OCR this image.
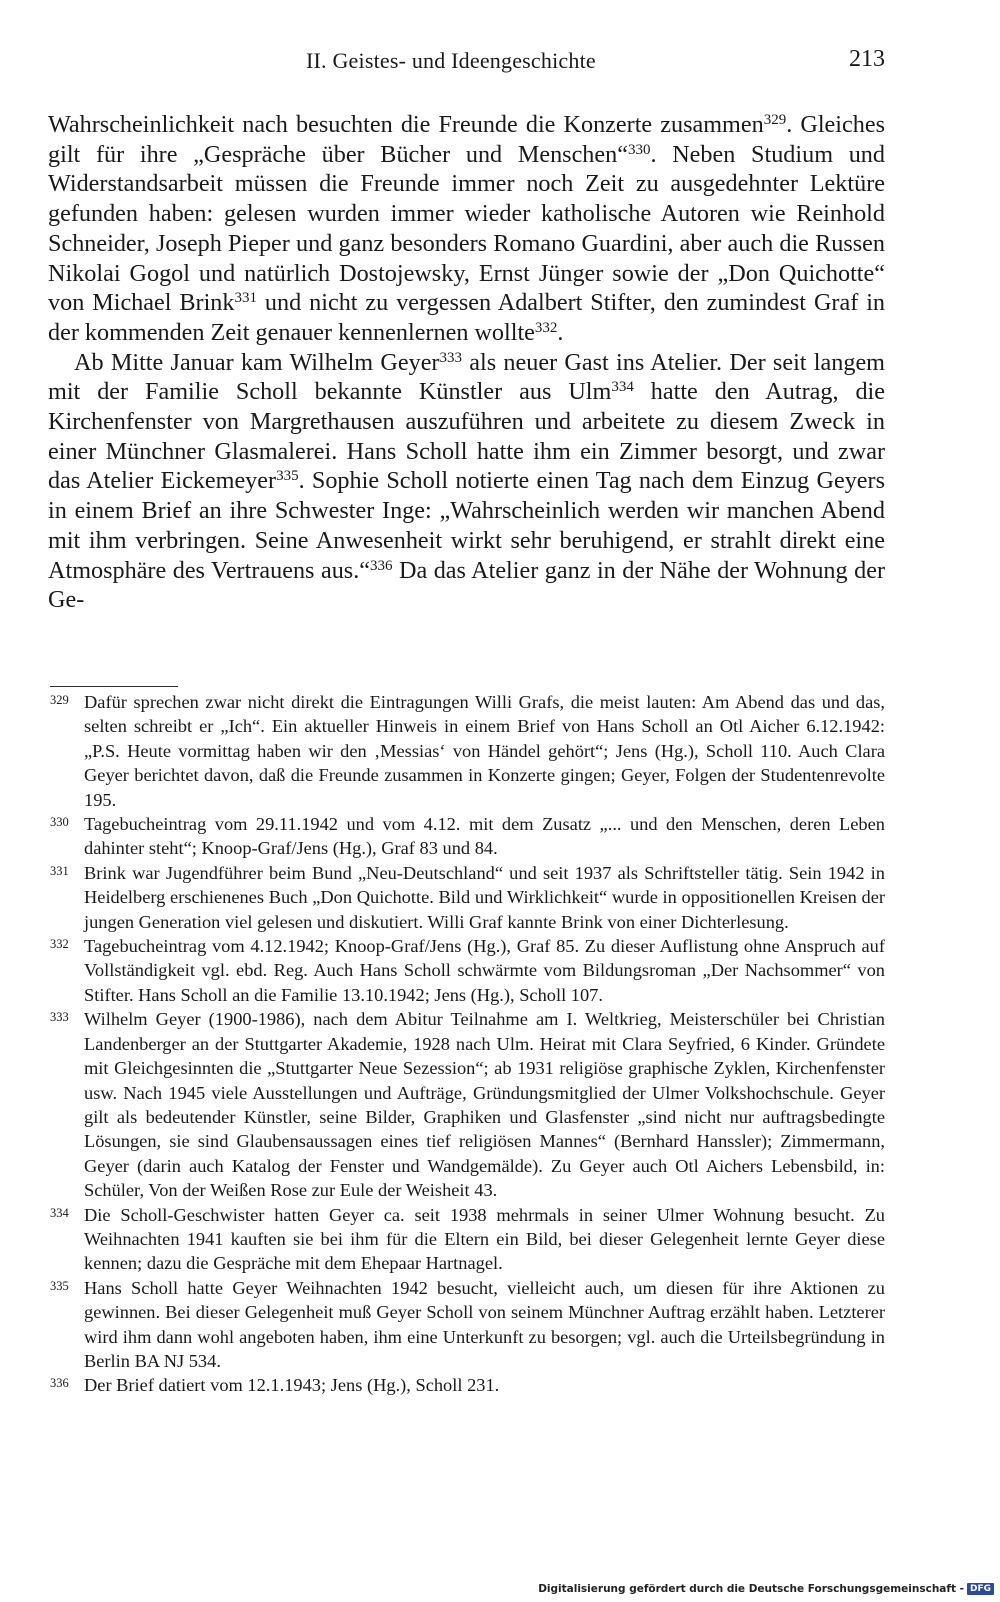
II. Geistes- und Ideengeschichte	213

Wahrscheinlichkeit nach besuchten die Freunde die Konzerte zusammen$^{329}$. Gleiches gilt für ihre „Gespräche über Bücher und Menschen“$^{330}$. Neben Studium und Widerstandsarbeit müssen die Freunde immer noch Zeit zu ausgedehnter Lektüre gefunden haben: gelesen wurden immer wieder katholische Autoren wie Reinhold Schneider, Joseph Pieper und ganz besonders Romano Guardini, aber auch die Russen Nikolai Gogol und natürlich Dostojewsky, Ernst Jünger sowie der „Don Quichotte“ von Michael Brink$^{331}$ und nicht zu vergessen Adalbert Stifter, den zumindest Graf in der kommenden Zeit genauer kennenlernen wollte$^{332}$.

Ab Mitte Januar kam Wilhelm Geyer$^{333}$ als neuer Gast ins Atelier. Der seit langem mit der Familie Scholl bekannte Künstler aus Ulm$^{334}$ hatte den Autrag, die Kirchenfenster von Margrethausen auszuführen und arbeitete zu diesem Zweck in einer Münchner Glasmalerei. Hans Scholl hatte ihm ein Zimmer besorgt, und zwar das Atelier Eickemeyer$^{335}$. Sophie Scholl notierte einen Tag nach dem Einzug Geyers in einem Brief an ihre Schwester Inge: „Wahrscheinlich werden wir manchen Abend mit ihm verbringen. Seine Anwesenheit wirkt sehr beruhigend, er strahlt direkt eine Atmosphäre des Vertrauens aus.“$^{336}$ Da das Atelier ganz in der Nähe der Wohnung der Ge-

329 Dafür sprechen zwar nicht direkt die Eintragungen Willi Grafs, die meist lauten: Am Abend das und das, selten schreibt er „Ich“. Ein aktueller Hinweis in einem Brief von Hans Scholl an Otl Aicher 6.12.1942: „P.S. Heute vormittag haben wir den ‚Messias‘ von Händel gehört“; Jens (Hg.), Scholl 110. Auch Clara Geyer berichtet davon, daß die Freunde zusammen in Konzerte gingen; Geyer, Folgen der Studentenrevolte 195.

330 Tagebucheintrag vom 29.11.1942 und vom 4.12. mit dem Zusatz „... und den Menschen, deren Leben dahinter steht“; Knoop-Graf/Jens (Hg.), Graf 83 und 84.

331 Brink war Jugendführer beim Bund „Neu-Deutschland“ und seit 1937 als Schriftsteller tätig. Sein 1942 in Heidelberg erschienenes Buch „Don Quichotte. Bild und Wirklichkeit“ wurde in oppositionellen Kreisen der jungen Generation viel gelesen und diskutiert. Willi Graf kannte Brink von einer Dichterlesung.

332 Tagebucheintrag vom 4.12.1942; Knoop-Graf/Jens (Hg.), Graf 85. Zu dieser Auflistung ohne Anspruch auf Vollständigkeit vgl. ebd. Reg. Auch Hans Scholl schwärmte vom Bildungsroman „Der Nachsommer“ von Stifter. Hans Scholl an die Familie 13.10.1942; Jens (Hg.), Scholl 107.

333 Wilhelm Geyer (1900-1986), nach dem Abitur Teilnahme am I. Weltkrieg, Meisterschüler bei Christian Landenberger an der Stuttgarter Akademie, 1928 nach Ulm. Heirat mit Clara Seyfried, 6 Kinder. Gründete mit Gleichgesinnten die „Stuttgarter Neue Sezession“; ab 1931 religiöse graphische Zyklen, Kirchenfenster usw. Nach 1945 viele Ausstellungen und Aufträge, Gründungsmitglied der Ulmer Volkshochschule. Geyer gilt als bedeutender Künstler, seine Bilder, Graphiken und Glasfenster „sind nicht nur auftragsbedingte Lösungen, sie sind Glaubensaussagen eines tief religiösen Mannes“ (Bernhard Hanssler); Zimmermann, Geyer (darin auch Katalog der Fenster und Wandgemälde). Zu Geyer auch Otl Aichers Lebensbild, in: Schüler, Von der Weißen Rose zur Eule der Weisheit 43.

334 Die Scholl-Geschwister hatten Geyer ca. seit 1938 mehrmals in seiner Ulmer Wohnung besucht. Zu Weihnachten 1941 kauften sie bei ihm für die Eltern ein Bild, bei dieser Gelegenheit lernte Geyer diese kennen; dazu die Gespräche mit dem Ehepaar Hartnagel.

335 Hans Scholl hatte Geyer Weihnachten 1942 besucht, vielleicht auch, um diesen für ihre Aktionen zu gewinnen. Bei dieser Gelegenheit muß Geyer Scholl von seinem Münchner Auftrag erzählt haben. Letzterer wird ihm dann wohl angeboten haben, ihm eine Unterkunft zu besorgen; vgl. auch die Urteilsbegründung in Berlin BA NJ 534.

336 Der Brief datiert vom 12.1.1943; Jens (Hg.), Scholl 231.

Digitalisierung gefördert durch die Deutsche Forschungsgemeinschaft - DFG
